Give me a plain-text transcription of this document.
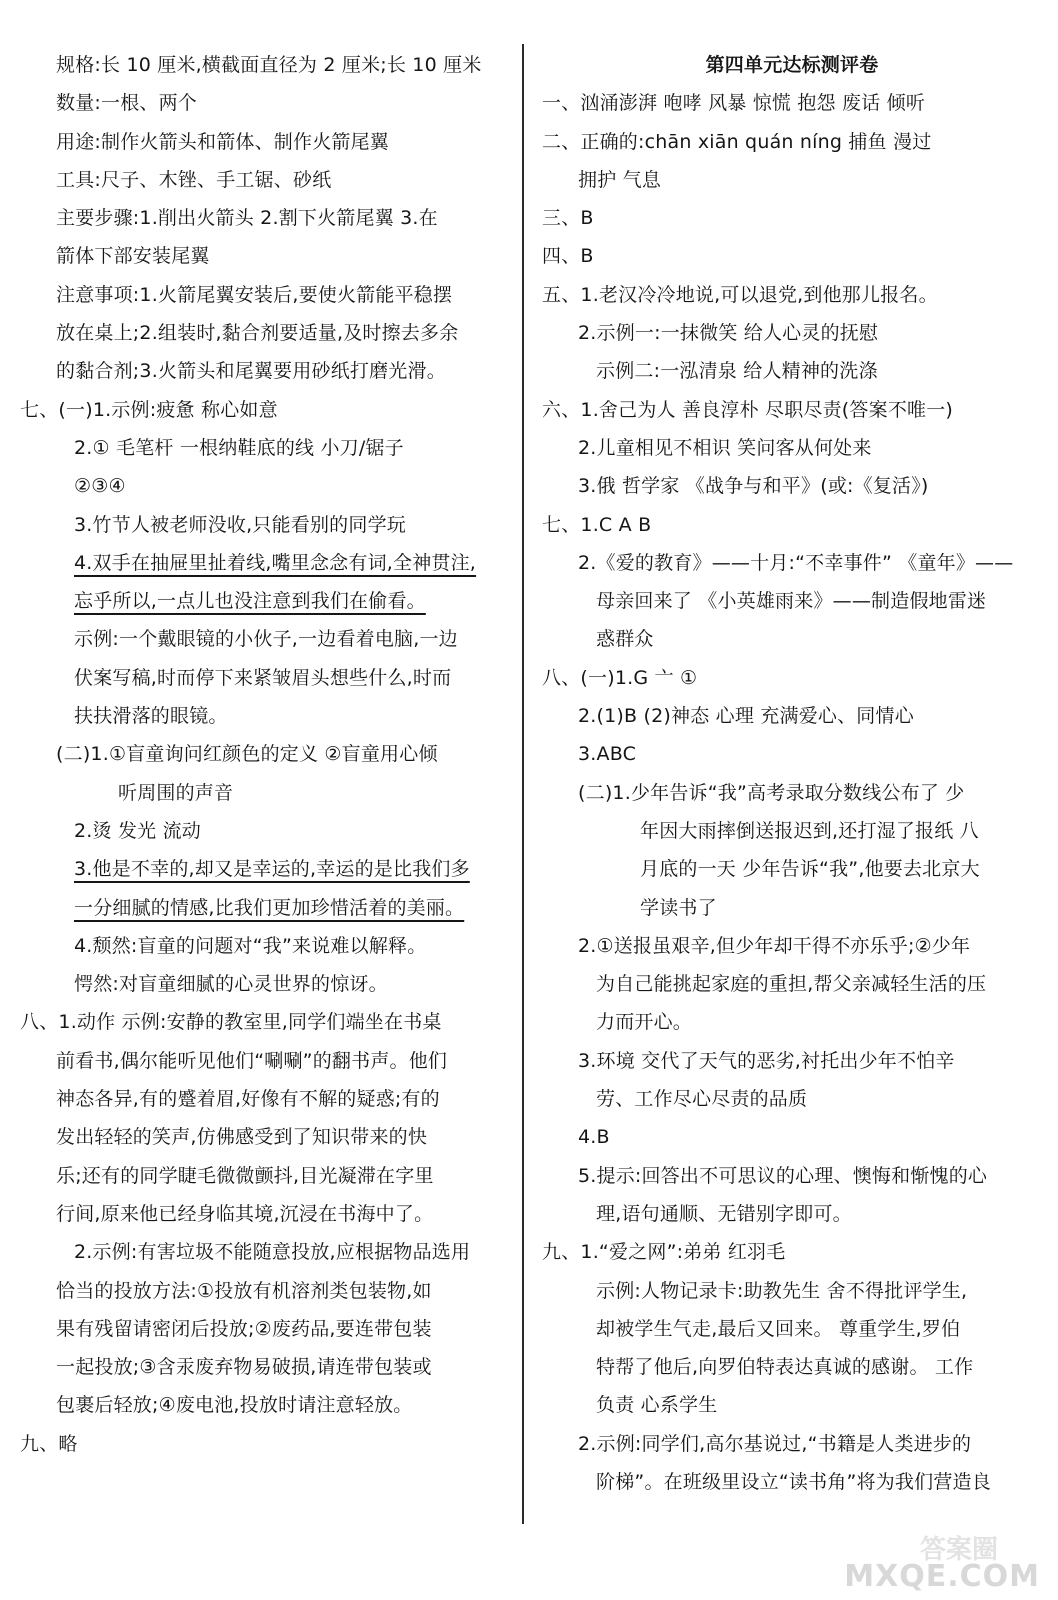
规格:长 10 厘米,横截面直径为 2 厘米;长 10 厘米
数量:一根、两个
用途:制作火箭头和箭体、制作火箭尾翼
工具:尺子、木锉、手工锯、砂纸
主要步骤:1.削出火箭头 2.割下火箭尾翼 3.在
箭体下部安装尾翼
注意事项:1.火箭尾翼安装后,要使火箭能平稳摆
放在桌上;2.组装时,黏合剂要适量,及时擦去多余
的黏合剂;3.火箭头和尾翼要用砂纸打磨光滑。
七、(一)1.示例:疲惫 称心如意
2.① 毛笔杆 一根纳鞋底的线 小刀/锯子
②③④
3.竹节人被老师没收,只能看别的同学玩
4.双手在抽屉里扯着线,嘴里念念有词,全神贯注,
忘乎所以,一点儿也没注意到我们在偷看。
示例:一个戴眼镜的小伙子,一边看着电脑,一边
伏案写稿,时而停下来紧皱眉头想些什么,时而
扶扶滑落的眼镜。
(二)1.①盲童询问红颜色的定义 ②盲童用心倾
听周围的声音
2.烫 发光 流动
3.他是不幸的,却又是幸运的,幸运的是比我们多
一分细腻的情感,比我们更加珍惜活着的美丽。
4.颓然:盲童的问题对“我”来说难以解释。
愕然:对盲童细腻的心灵世界的惊讶。
八、1.动作 示例:安静的教室里,同学们端坐在书桌
前看书,偶尔能听见他们“唰唰”的翻书声。他们
神态各异,有的蹙着眉,好像有不解的疑惑;有的
发出轻轻的笑声,仿佛感受到了知识带来的快
乐;还有的同学睫毛微微颤抖,目光凝滞在字里
行间,原来他已经身临其境,沉浸在书海中了。
2.示例:有害垃圾不能随意投放,应根据物品选用
恰当的投放方法:①投放有机溶剂类包装物,如
果有残留请密闭后投放;②废药品,要连带包装
一起投放;③含汞废弃物易破损,请连带包装或
包裹后轻放;④废电池,投放时请注意轻放。
九、略
第四单元达标测评卷
一、汹涌澎湃 咆哮 风暴 惊慌 抱怨 废话 倾听
二、正确的:chān xiān quán níng 捕鱼 漫过
拥护 气息
三、B
四、B
五、1.老汉冷冷地说,可以退党,到他那儿报名。
2.示例一:一抹微笑 给人心灵的抚慰
示例二:一泓清泉 给人精神的洗涤
六、1.舍己为人 善良淳朴 尽职尽责(答案不唯一)
2.儿童相见不相识 笑问客从何处来
3.俄 哲学家 《战争与和平》(或:《复活》)
七、1.C A B
2.《爱的教育》——十月:“不幸事件” 《童年》——
母亲回来了 《小英雄雨来》——制造假地雷迷
惑群众
八、(一)1.G 亠 ①
2.(1)B (2)神态 心理 充满爱心、同情心
3.ABC
(二)1.少年告诉“我”高考录取分数线公布了 少
年因大雨摔倒送报迟到,还打湿了报纸 八
月底的一天 少年告诉“我”,他要去北京大
学读书了
2.①送报虽艰辛,但少年却干得不亦乐乎;②少年
为自己能挑起家庭的重担,帮父亲减轻生活的压
力而开心。
3.环境 交代了天气的恶劣,衬托出少年不怕辛
劳、工作尽心尽责的品质
4.B
5.提示:回答出不可思议的心理、懊悔和惭愧的心
理,语句通顺、无错别字即可。
九、1.“爱之网”:弟弟 红羽毛
示例:人物记录卡:助教先生 舍不得批评学生,
却被学生气走,最后又回来。 尊重学生,罗伯
特帮了他后,向罗伯特表达真诚的感谢。 工作
负责 心系学生
2.示例:同学们,高尔基说过,“书籍是人类进步的
阶梯”。在班级里设立“读书角”将为我们营造良
答案圈
MXQE.COM
